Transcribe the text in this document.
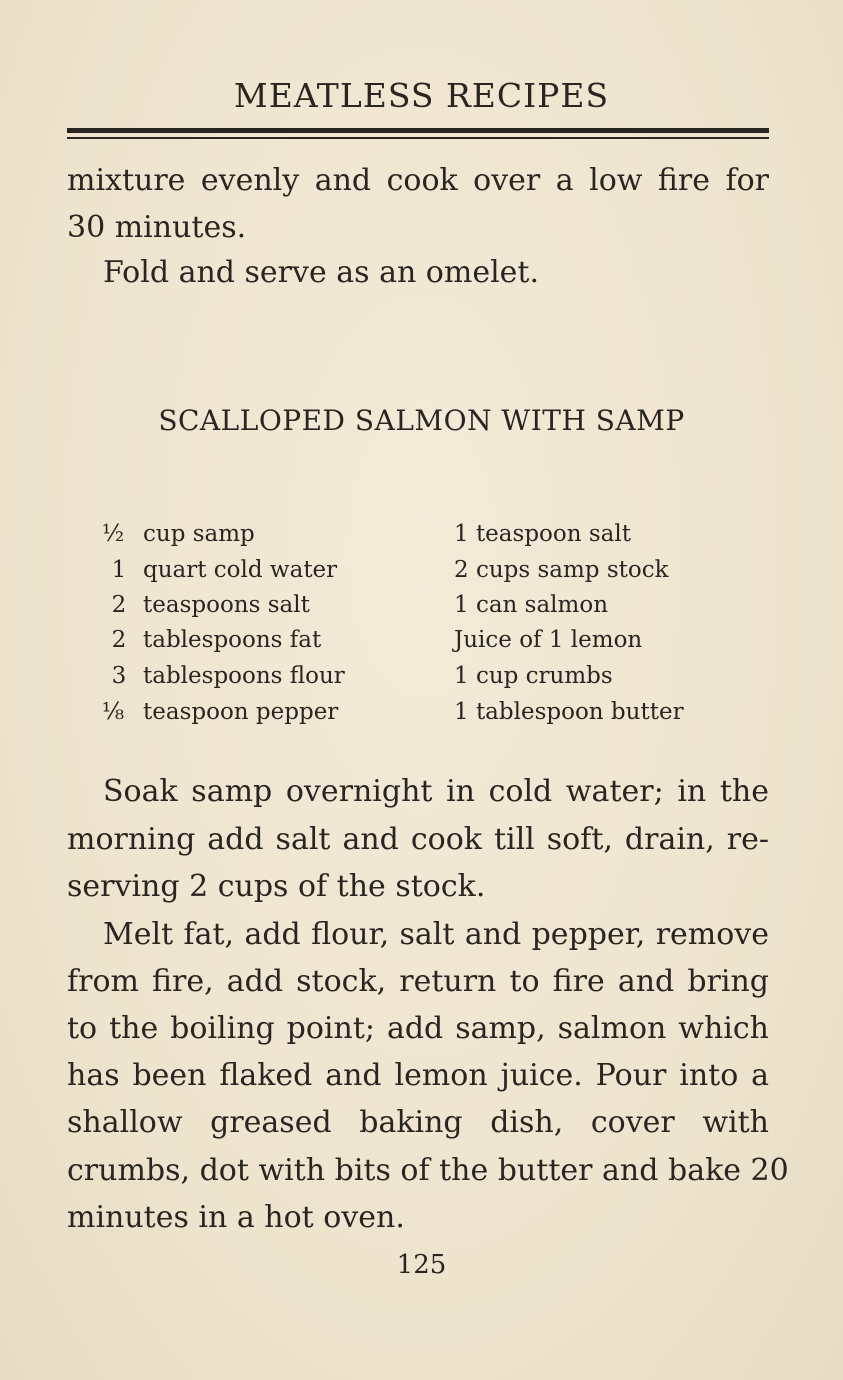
MEATLESS RECIPES
mixture evenly and cook over a low fire for
30 minutes.
Fold and serve as an omelet.
SCALLOPED SALMON WITH SAMP
½ cup samp
1 quart cold water
2 teaspoons salt
2 tablespoons fat
3 tablespoons flour
⅛ teaspoon pepper
1 teaspoon salt
2 cups samp stock
1 can salmon
Juice of 1 lemon
1 cup crumbs
1 tablespoon butter
Soak samp overnight in cold water; in the
morning add salt and cook till soft, drain, re-
serving 2 cups of the stock.
Melt fat, add flour, salt and pepper, remove
from fire, add stock, return to fire and bring
to the boiling point; add samp, salmon which
has been flaked and lemon juice. Pour into a
shallow greased baking dish, cover with
crumbs, dot with bits of the butter and bake 20
minutes in a hot oven.
125
